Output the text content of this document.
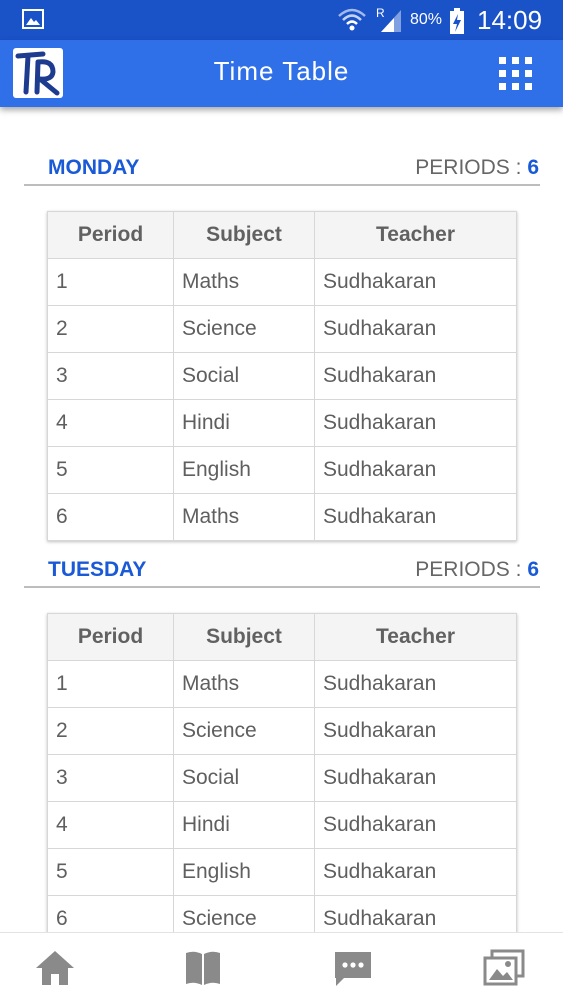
R 80% 14:09
Time Table
MONDAY	PERIODS : 6
Period	Subject	Teacher
1	Maths	Sudhakaran
2	Science	Sudhakaran
3	Social	Sudhakaran
4	Hindi	Sudhakaran
5	English	Sudhakaran
6	Maths	Sudhakaran
TUESDAY	PERIODS : 6
Period	Subject	Teacher
1	Maths	Sudhakaran
2	Science	Sudhakaran
3	Social	Sudhakaran
4	Hindi	Sudhakaran
5	English	Sudhakaran
6	Science	Sudhakaran
